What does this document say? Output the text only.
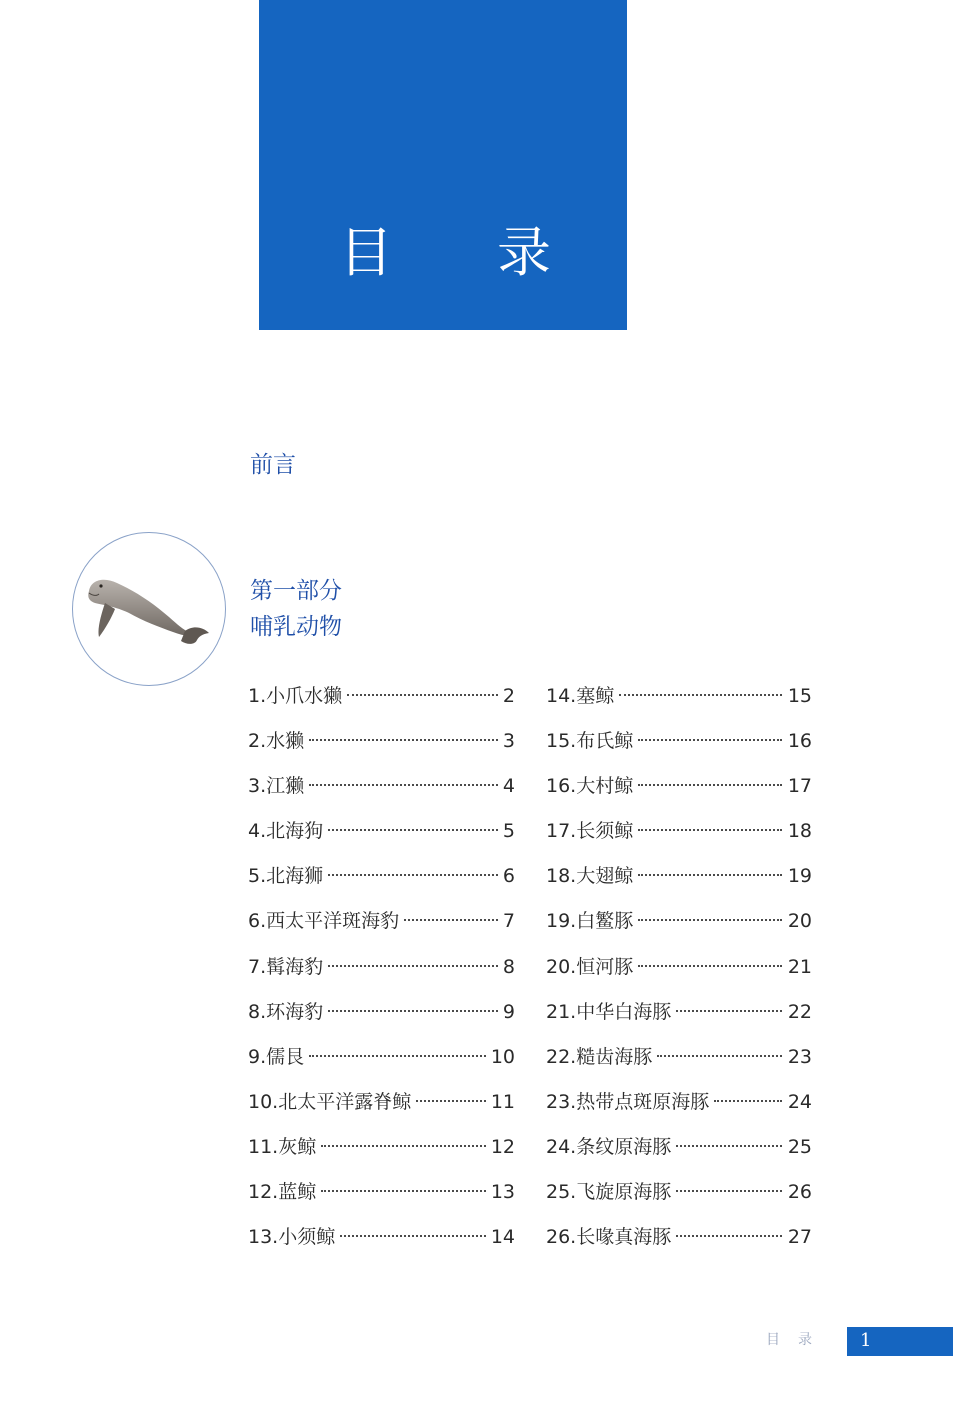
目 录
前言
第一部分
哺乳动物
1. 小爪水獭	2
2. 水獭	3
3. 江獭	4
4. 北海狗	5
5. 北海狮	6
6. 西太平洋斑海豹	7
7. 髯海豹	8
8. 环海豹	9
9. 儒艮	10
10. 北太平洋露脊鲸	11
11. 灰鲸	12
12. 蓝鲸	13
13. 小须鲸	14
14. 塞鲸	15
15. 布氏鲸	16
16. 大村鲸	17
17. 长须鲸	18
18. 大翅鲸	19
19. 白鳘豚	20
20. 恒河豚	21
21. 中华白海豚	22
22. 糙齿海豚	23
23. 热带点斑原海豚	24
24. 条纹原海豚	25
25. 飞旋原海豚	26
26. 长喙真海豚	27
目录 1
